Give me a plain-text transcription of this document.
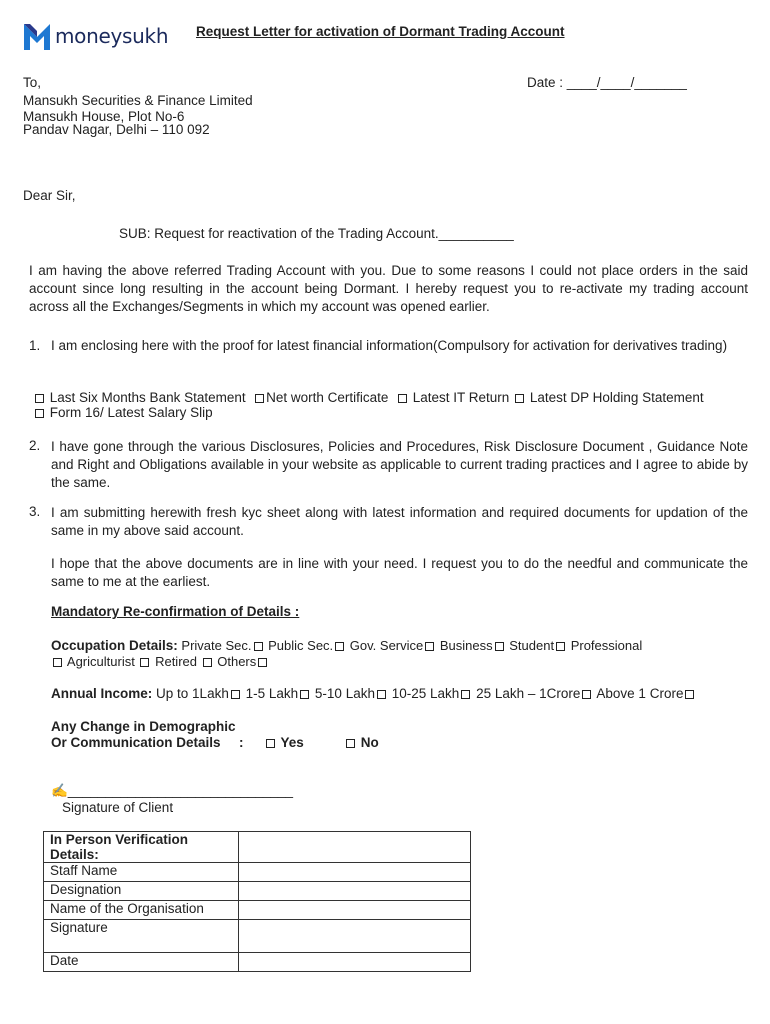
moneysukh Request Letter for activation of Dormant Trading Account
To,	Date : ____/____/_______
Mansukh Securities & Finance Limited
Mansukh House, Plot No-6
Pandav Nagar, Delhi – 110 092
Dear Sir,
SUB: Request for reactivation of the Trading Account.__________
I am having the above referred Trading Account with you. Due to some reasons I could not place orders in the said account since long resulting in the account being Dormant. I hereby request you to re-activate my trading account across all the Exchanges/Segments in which my account was opened earlier.
1. I am enclosing here with the proof for latest financial information(Compulsory for activation for derivatives trading)
Last Six Months Bank Statement Net worth Certificate Latest IT Return Latest DP Holding Statement
Form 16/ Latest Salary Slip
2. I have gone through the various Disclosures, Policies and Procedures, Risk Disclosure Document , Guidance Note and Right and Obligations available in your website as applicable to current trading practices and I agree to abide by the same.
3. I am submitting herewith fresh kyc sheet along with latest information and required documents for updation of the same in my above said account.
I hope that the above documents are in line with your need. I request you to do the needful and communicate the same to me at the earliest.
Mandatory Re-confirmation of Details :
Occupation Details: Private Sec. Public Sec. Gov. Service Business Student Professional
Agriculturist Retired Others
Annual Income: Up to 1Lakh 1-5 Lakh 5-10 Lakh 10-25 Lakh 25 Lakh – 1Crore Above 1 Crore
Any Change in Demographic
Or Communication Details :	Yes	No
✍______________________________
Signature of Client
In Person Verification Details:	
Staff Name	
Designation	
Name of the Organisation	
Signature	
Date	
